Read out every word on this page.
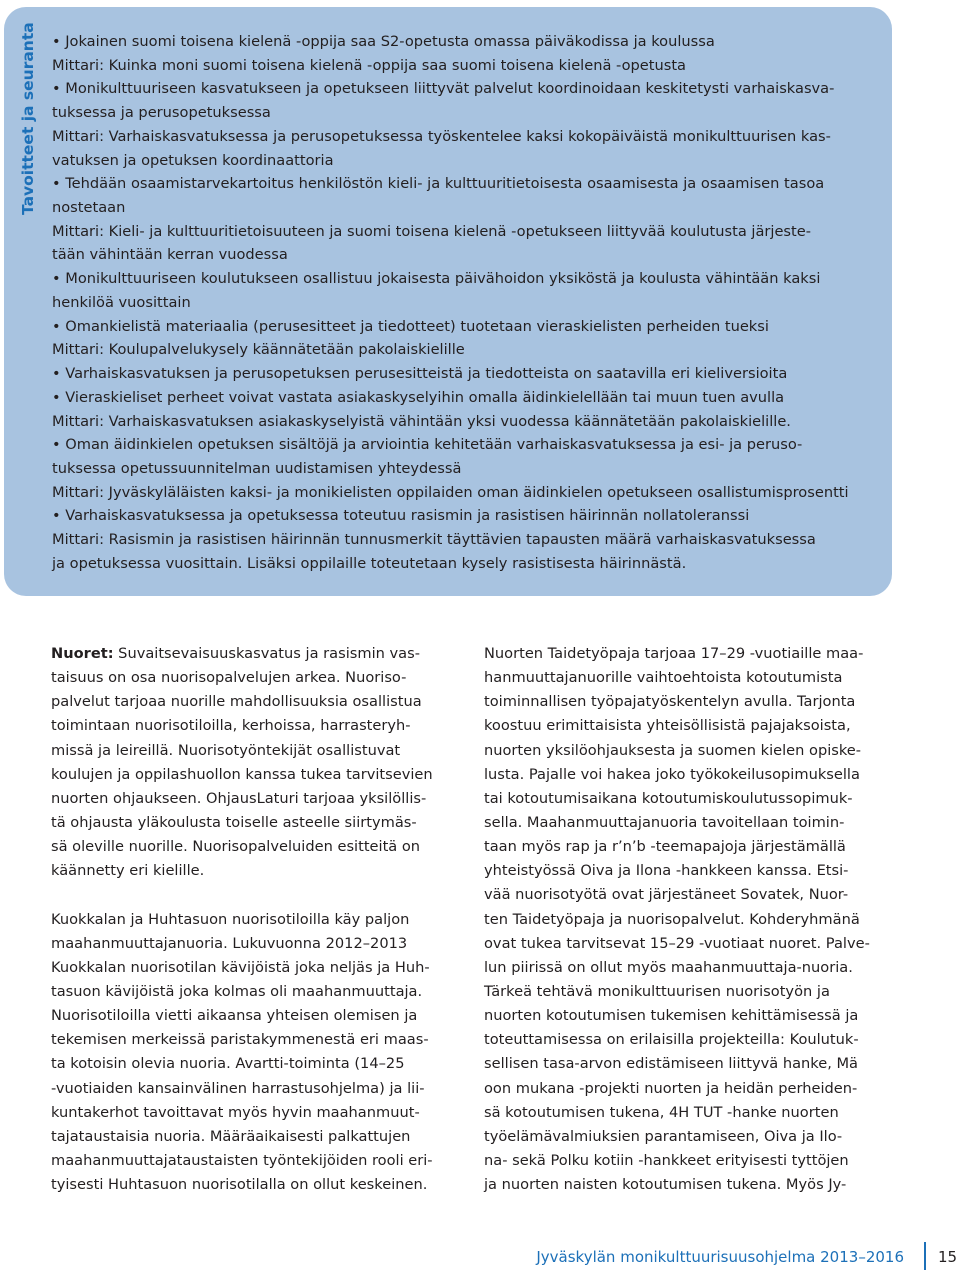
Tavoitteet ja seuranta • Jokainen suomi toisena kielenä -oppija saa S2-opetusta omassa päiväkodissa ja koulussa
Mittari: Kuinka moni suomi toisena kielenä -oppija saa suomi toisena kielenä -opetusta
• Monikulttuuriseen kasvatukseen ja opetukseen liittyvät palvelut koordinoidaan keskitetysti varhaiskasva-
tuksessa ja perusopetuksessa
Mittari: Varhaiskasvatuksessa ja perusopetuksessa työskentelee kaksi kokopäiväistä monikulttuurisen kas-
vatuksen ja opetuksen koordinaattoria
• Tehdään osaamistarvekartoitus henkilöstön kieli- ja kulttuuritietoisesta osaamisesta ja osaamisen tasoa
nostetaan
Mittari: Kieli- ja kulttuuritietoisuuteen ja suomi toisena kielenä -opetukseen liittyvää koulutusta järjeste-
tään vähintään kerran vuodessa
• Monikulttuuriseen koulutukseen osallistuu jokaisesta päivähoidon yksiköstä ja koulusta vähintään kaksi
henkilöä vuosittain
• Omankielistä materiaalia (perusesitteet ja tiedotteet) tuotetaan vieraskielisten perheiden tueksi
Mittari: Koulupalvelukysely käännätetään pakolaiskielille
• Varhaiskasvatuksen ja perusopetuksen perusesitteistä ja tiedotteista on saatavilla eri kieliversioita
• Vieraskieliset perheet voivat vastata asiakaskyselyihin omalla äidinkielellään tai muun tuen avulla
Mittari: Varhaiskasvatuksen asiakaskyselyistä vähintään yksi vuodessa käännätetään pakolaiskielille.
• Oman äidinkielen opetuksen sisältöjä ja arviointia kehitetään varhaiskasvatuksessa ja esi- ja peruso-
tuksessa opetussuunnitelman uudistamisen yhteydessä
Mittari: Jyväskyläläisten kaksi- ja monikielisten oppilaiden oman äidinkielen opetukseen osallistumisprosentti
• Varhaiskasvatuksessa ja opetuksessa toteutuu rasismin ja rasistisen häirinnän nollatoleranssi
Mittari: Rasismin ja rasistisen häirinnän tunnusmerkit täyttävien tapausten määrä varhaiskasvatuksessa
ja opetuksessa vuosittain. Lisäksi oppilaille toteutetaan kysely rasistisesta häirinnästä.
Nuoret: Suvaitsevaisuuskasvatus ja rasismin vas-
taisuus on osa nuorisopalvelujen arkea. Nuoriso-
palvelut tarjoaa nuorille mahdollisuuksia osallistua
toimintaan nuorisotiloilla, kerhoissa, harrasteryh-
missä ja leireillä. Nuorisotyöntekijät osallistuvat
koulujen ja oppilashuollon kanssa tukea tarvitsevien
nuorten ohjaukseen. OhjausLaturi tarjoaa yksilöllis-
tä ohjausta yläkoulusta toiselle asteelle siirtymäs-
sä oleville nuorille. Nuorisopalveluiden esitteitä on
käännetty eri kielille.
Kuokkalan ja Huhtasuon nuorisotiloilla käy paljon
maahanmuuttajanuoria. Lukuvuonna 2012–2013
Kuokkalan nuorisotilan kävijöistä joka neljäs ja Huh-
tasuon kävijöistä joka kolmas oli maahanmuuttaja.
Nuorisotiloilla vietti aikaansa yhteisen olemisen ja
tekemisen merkeissä paristakymmenestä eri maas-
ta kotoisin olevia nuoria. Avartti-toiminta (14–25
-vuotiaiden kansainvälinen harrastusohjelma) ja lii-
kuntakerhot tavoittavat myös hyvin maahanmuut-
tajataustaisia nuoria. Määräaikaisesti palkattujen
maahanmuuttajataustaisten työntekijöiden rooli eri-
tyisesti Huhtasuon nuorisotilalla on ollut keskeinen.
Nuorten Taidetyöpaja tarjoaa 17–29 -vuotiaille maa-
hanmuuttajanuorille vaihtoehtoista kotoutumista
toiminnallisen työpajatyöskentelyn avulla. Tarjonta
koostuu erimittaisista yhteisöllisistä pajajaksoista,
nuorten yksilöohjauksesta ja suomen kielen opiske-
lusta. Pajalle voi hakea joko työkokeilusopimuksella
tai kotoutumisaikana kotoutumiskoulutussopimuk-
sella. Maahanmuuttajanuoria tavoitellaan toimin-
taan myös rap ja r’n’b -teemapajoja järjestämällä
yhteistyössä Oiva ja Ilona -hankkeen kanssa. Etsi-
vää nuorisotyötä ovat järjestäneet Sovatek, Nuor-
ten Taidetyöpaja ja nuorisopalvelut. Kohderyhmänä
ovat tukea tarvitsevat 15–29 -vuotiaat nuoret. Palve-
lun piirissä on ollut myös maahanmuuttaja-nuoria.
Tärkeä tehtävä monikulttuurisen nuorisotyön ja
nuorten kotoutumisen tukemisen kehittämisessä ja
toteuttamisessa on erilaisilla projekteilla: Koulutuk-
sellisen tasa-arvon edistämiseen liittyvä hanke, Mä
oon mukana -projekti nuorten ja heidän perheiden-
sä kotoutumisen tukena, 4H TUT -hanke nuorten
työelämävalmiuksien parantamiseen, Oiva ja Ilo-
na- sekä Polku kotiin -hankkeet erityisesti tyttöjen
ja nuorten naisten kotoutumisen tukena. Myös Jy-
Jyväskylän monikulttuurisuusohjelma 2013–2016 15
